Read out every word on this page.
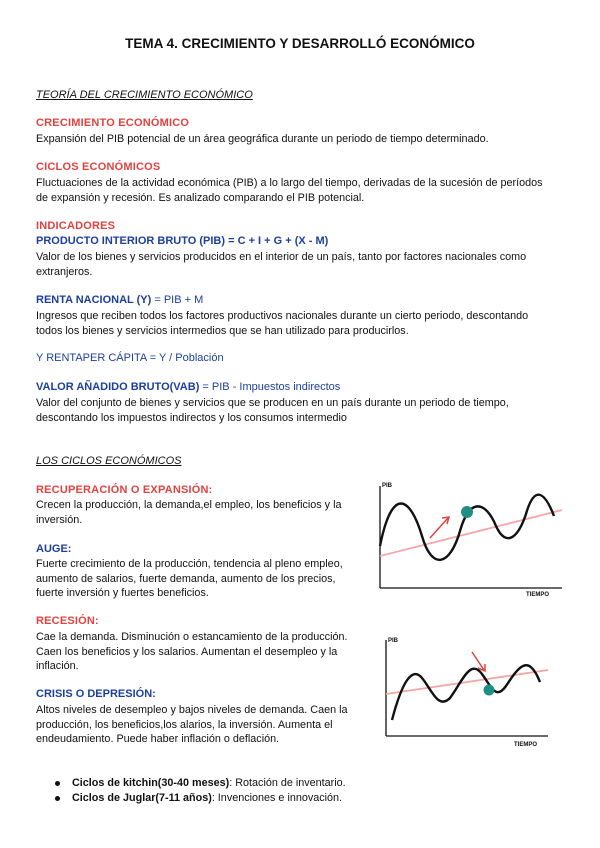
TEMA 4. CRECIMIENTO Y DESARROLLÓ ECONÓMICO
TEORÍA DEL CRECIMIENTO ECONÓMICO
CRECIMIENTO ECONÓMICO
Expansión del PIB potencial de un área geográfica durante un periodo de tiempo determinado.
CICLOS ECONÓMICOS
Fluctuaciones de la actividad económica (PIB) a lo largo del tiempo, derivadas de la sucesión de períodos
de expansión y recesión. Es analizado comparando el PIB potencial.
INDICADORES
PRODUCTO INTERIOR BRUTO (PIB) = C + I + G + (X - M)
Valor de los bienes y servicios producidos en el interior de un país, tanto por factores nacionales como
extranjeros.
RENTA NACIONAL (Y) = PIB + M
Ingresos que reciben todos los factores productivos nacionales durante un cierto periodo, descontando
todos los bienes y servicios intermedios que se han utilizado para producirlos.
Y RENTAPER CÁPITA = Y / Población
VALOR AÑADIDO BRUTO(VAB) = PIB - Impuestos indirectos
Valor del conjunto de bienes y servicios que se producen en un país durante un periodo de tiempo,
descontando los impuestos indirectos y los consumos intermedio
LOS CICLOS ECONÓMICOS
RECUPERACIÓN O EXPANSIÓN:
Crecen la producción, la demanda,el empleo, los beneficios y la
inversión.
AUGE:
Fuerte crecimiento de la producción, tendencia al pleno empleo,
aumento de salarios, fuerte demanda, aumento de los precios,
fuerte inversión y fuertes beneficios.
RECESIÓN:
Cae la demanda. Disminución o estancamiento de la producción.
Caen los beneficios y los salarios. Aumentan el desempleo y la
inflación.
CRISIS O DEPRESIÓN:
Altos niveles de desempleo y bajos niveles de demanda. Caen la
producción, los beneficios,los alarios, la inversión. Aumenta el
endeudamiento. Puede haber inflación o deflación.
Ciclos de kitchin(30-40 meses): Rotación de inventario.
Ciclos de Juglar(7-11 años): Invenciones e innovación.
PIB
TIEMPO
PIB
TIEMPO
